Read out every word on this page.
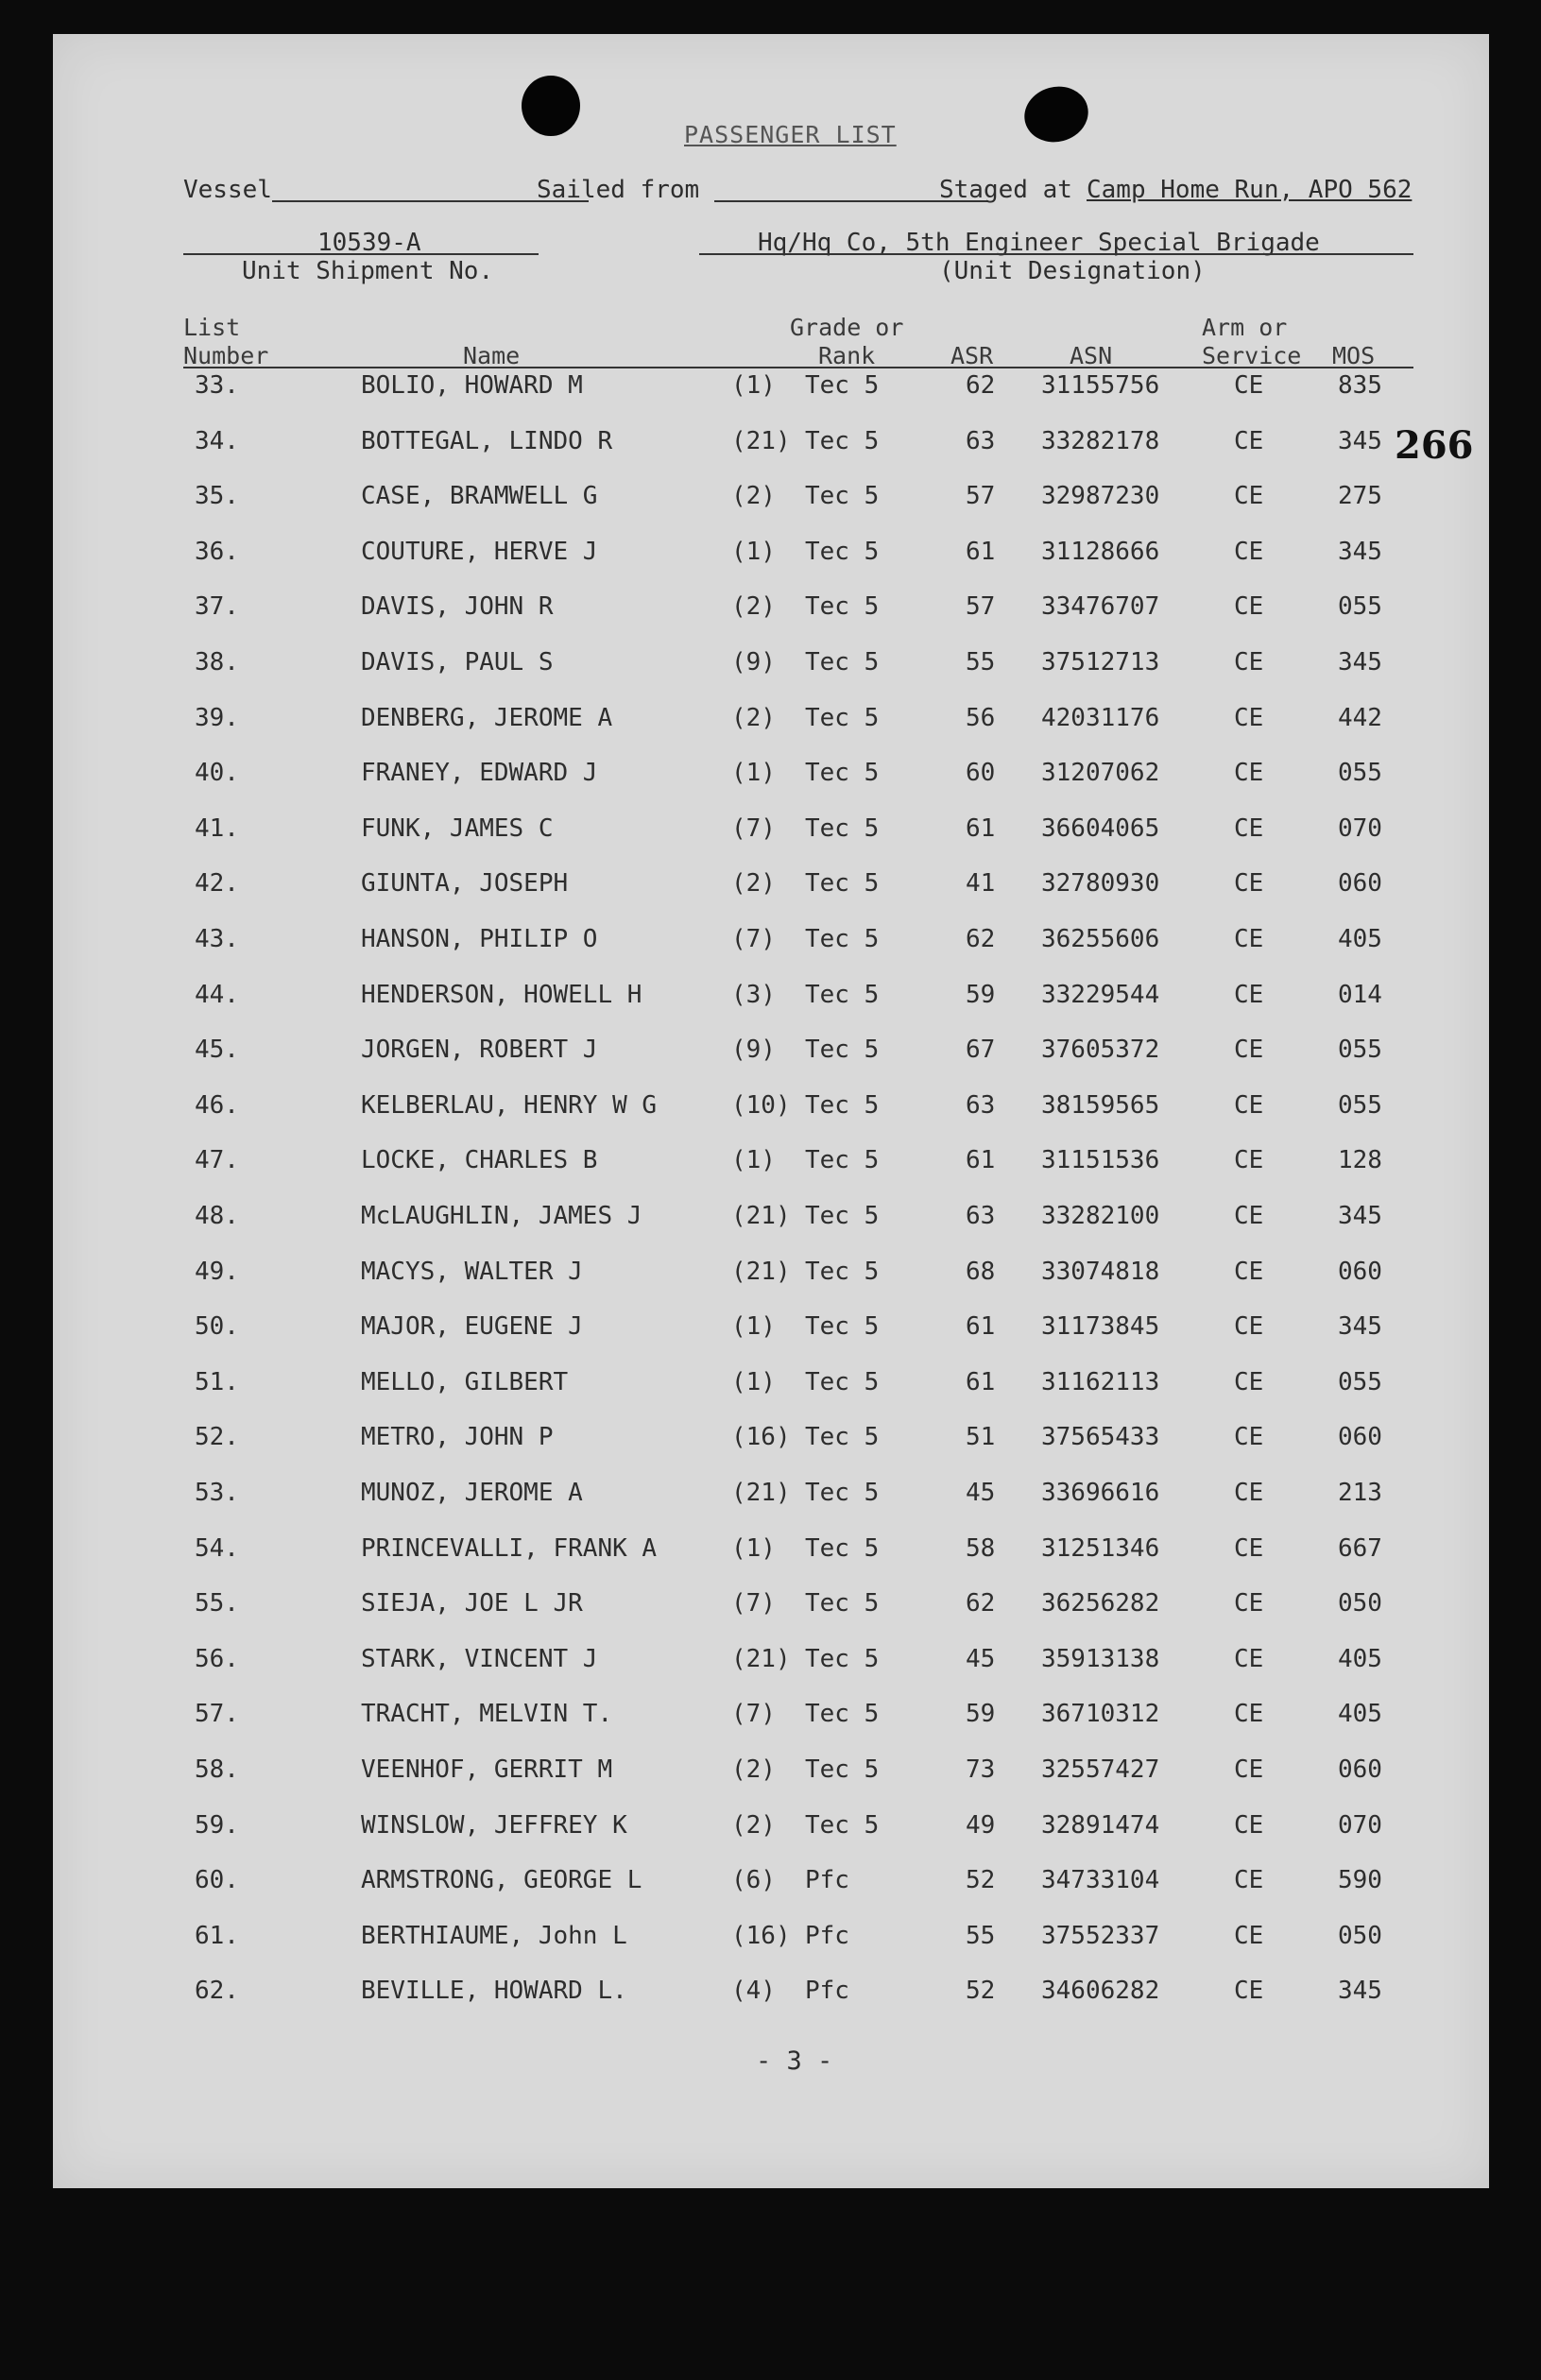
PASSENGER LIST
Vessel	Sailed from	Staged at Camp Home Run, APO 562
10539-A
Unit Shipment No.
Hq/Hq Co, 5th Engineer Special Brigade
(Unit Designation)
List
Number	Name
Grade or
Rank	ASR	ASN
Arm or
Service MOS
266
33.	BOLIO, HOWARD M	(1) Tec 5	62 31155756	CE	835
34.	BOTTEGAL, LINDO R	(21) Tec 5	63 33282178	CE	345
35.	CASE, BRAMWELL G	(2) Tec 5	57 32987230	CE	275
36.	COUTURE, HERVE J	(1) Tec 5	61 31128666	CE	345
37.	DAVIS, JOHN R	(2) Tec 5	57 33476707	CE	055
38.	DAVIS, PAUL S	(9) Tec 5	55 37512713	CE	345
39.	DENBERG, JEROME A	(2) Tec 5	56 42031176	CE	442
40.	FRANEY, EDWARD J	(1) Tec 5	60 31207062	CE	055
41.	FUNK, JAMES C	(7) Tec 5	61 36604065	CE	070
42.	GIUNTA, JOSEPH	(2) Tec 5	41 32780930	CE	060
43.	HANSON, PHILIP O	(7) Tec 5	62 36255606	CE	405
44.	HENDERSON, HOWELL H	(3) Tec 5	59 33229544	CE	014
45.	JORGEN, ROBERT J	(9) Tec 5	67 37605372	CE	055
46.	KELBERLAU, HENRY W G	(10) Tec 5	63 38159565	CE	055
47.	LOCKE, CHARLES B	(1) Tec 5	61 31151536	CE	128
48.	McLAUGHLIN, JAMES J	(21) Tec 5	63 33282100	CE	345
49.	MACYS, WALTER J	(21) Tec 5	68 33074818	CE	060
50.	MAJOR, EUGENE J	(1) Tec 5	61 31173845	CE	345
51.	MELLO, GILBERT	(1) Tec 5	61 31162113	CE	055
52.	METRO, JOHN P	(16) Tec 5	51 37565433	CE	060
53.	MUNOZ, JEROME A	(21) Tec 5	45 33696616	CE	213
54.	PRINCEVALLI, FRANK A	(1) Tec 5	58 31251346	CE	667
55.	SIEJA, JOE L JR	(7) Tec 5	62 36256282	CE	050
56.	STARK, VINCENT J	(21) Tec 5	45 35913138	CE	405
57.	TRACHT, MELVIN T.	(7) Tec 5	59 36710312	CE	405
58.	VEENHOF, GERRIT M	(2) Tec 5	73 32557427	CE	060
59.	WINSLOW, JEFFREY K	(2) Tec 5	49 32891474	CE	070
60.	ARMSTRONG, GEORGE L	(6) Pfc	52 34733104	CE	590
61.	BERTHIAUME, John L	(16) Pfc	55 37552337	CE	050
62.	BEVILLE, HOWARD L.	(4) Pfc	52 34606282	CE	345
- 3 -
